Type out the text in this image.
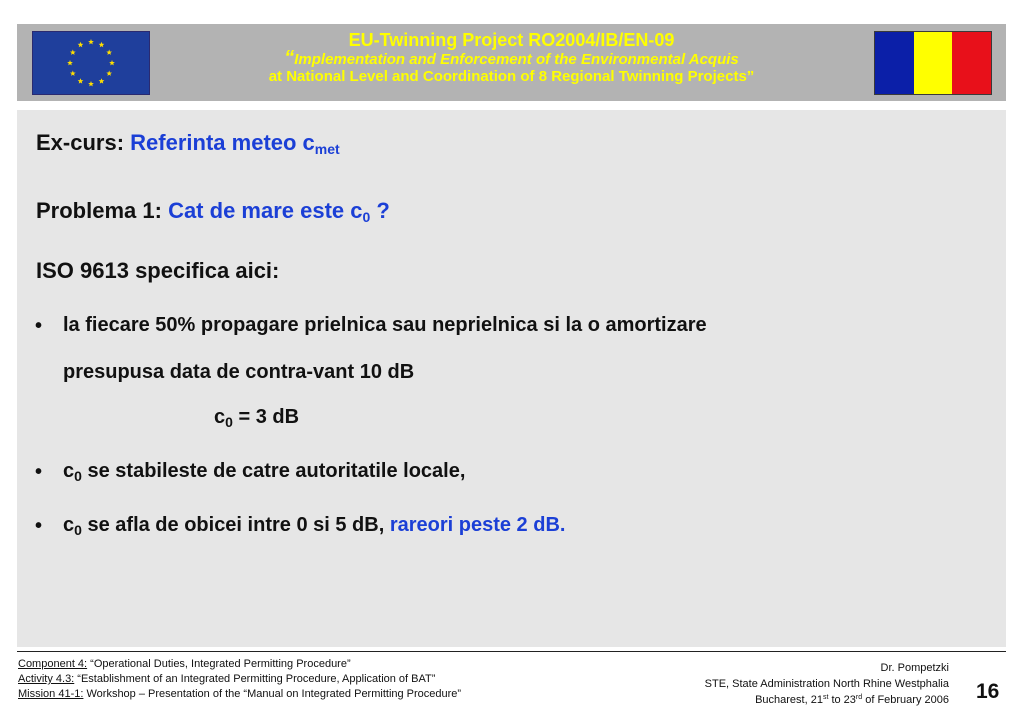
EU-Twinning Project RO2004/IB/EN-09
“Implementation and Enforcement of the Environmental Acquis
at National Level and Coordination of 8 Regional Twinning Projects”
Ex-curs: Referinta meteo $c_{met}$
Problema 1: Cat de mare este $c_0$ ?
ISO 9613 specifica aici:
• la fiecare 50% propagare prielnica sau neprielnica si la o amortizare
presupusa data de contra-vant 10 dB
$c_0 = 3$ dB
• $c_0$ se stabileste de catre autoritatile locale,
• $c_0$ se afla de obicei intre 0 si 5 dB, rareori peste 2 dB.
Component 4: “Operational Duties, Integrated Permitting Procedure”
Activity 4.3: “Establishment of an Integrated Permitting Procedure, Application of BAT”
Mission 41-1: Workshop – Presentation of the “Manual on Integrated Permitting Procedure”
Dr. Pompetzki
STE, State Administration North Rhine Westphalia
Bucharest, 21st to 23rd of February 2006 16
